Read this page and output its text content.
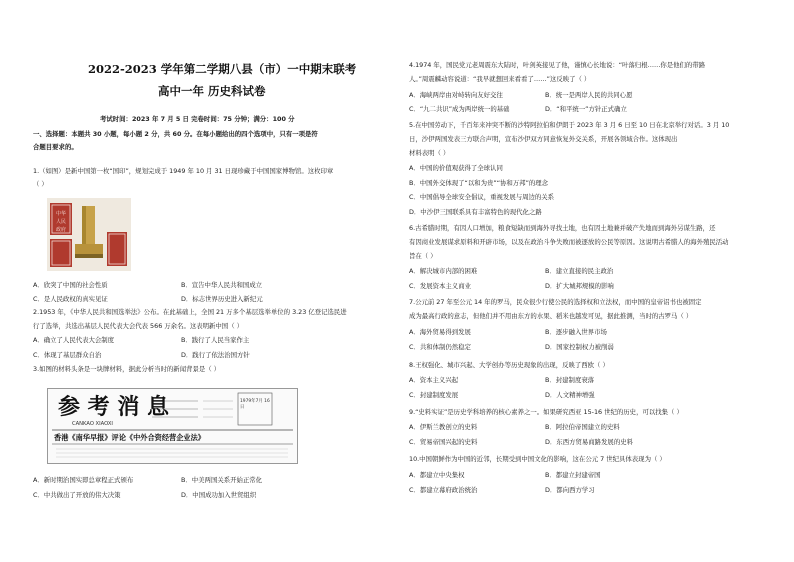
2022-2023 学年第二学期八县（市）一中期末联考
高中一年 历史科试卷
考试时间：2023 年 7 月 5 日 完卷时间：75 分钟；满分：100 分
一、选择题：本题共 30 小题，每小题 2 分，共 60 分。在每小题给出的四个选项中，只有一项是符
合题目要求的。
1.（如图）是新中国第一枚“国印”，规划完成于 1949 年 10 月 31 日现珍藏于中国国家博物馆。这枚印章
（ ）
中华
人民
政府
A．欣突了中国的社会性质	B．宣告中华人民共和国成立
C．是人民政权的真实见证	D．标志世界历史进入新纪元
2.1953 年，《中华人民共和国选举法》公布。在此基础上，全国 21 万多个基层选举单位的 3.23 亿登记选民进
行了选举，共选出基层人民代表大会代表 566 万余名。这表明新中国（ ）
A．确立了人民代表大会制度	B．践行了人民当家作主
C．体现了基层群众自治	D．践行了依法治国方针
3.如图的材料头条是一块牌材料，据此分析当时的新闻背景是（ ）
参 考 消 息
CANKAO XIAOXI
1979年7月 16 日
香港《南华早报》评论《中外合资经营企业法》
A．新时期治国实即总章程正式颁布	B．中美两国关系开始正常化
C．中共做出了开放的伟大决策	D．中国成功加入世贸组织
4.1974 年，国民党元老周震东大陆时，叶剑英接见了他，谨慎心长地说：“叶落归根……你是他们的带路
人。”周震麟动容说道：“我早就想回来看看了……”这反映了（ ）
A．海峡两岸由对峙转向友好交往	B．统一是两岸人民的共同心愿
C．“九二共识”成为两岸统一的基础	D．“和平统一”方针正式确立
5.在中国劳动下，千百年来冲突不断的沙特阿拉伯和伊朗于 2023 年 3 月 6 日至 10 日在北京举行对话。3 月 10
日，沙伊两国发表三方联合声明，宣布沙伊双方同意恢复外交关系，开展各领域合作。这体现出
材料表明（ ）
A．中国的价值观获得了全球认同
B．中国外交体现了“以和为贵”“协和万邦”的理念
C．中国倡导全球安全倡议，重视发展与周边的关系
D．中沙伊三国联系具有丰富特色的现代化之路
6.古希腊时期，有因人口增加，粮食短缺而到海外寻找土地，也有因土地兼并破产失地而到海外另谋生路，还
有因商业发展谋求原料和开辟市场，以及在政治斗争失败而被逐放的公民等原因。这说明古希腊人的海外殖民活动
旨在（ ）
A．解决城市内部的困难	B．建立直接的民主政治
C．发展资本主义商业	D．扩大城邦规模的影响
7.公元前 27 年至公元 14 年的罗马，民众很少行使公民的选择权和立法权，而中国的皇帝诏书也被固定
成为最高行政的意志，但他们并不用由东方的水果、稻米也越发可见，据此推测，当时的古罗马（ ）
A．海外贸易得到发展	B．逐步融入世界市场
C．共和体制仍然稳定	D．国家控制权力被削弱
8.王权强化、城市兴起、大学创办等历史现象的出现，反映了西欧（ ）
A．资本主义兴起	B．封建制度衰落
C．封建制度发展	D．人文精神增强
9.“史料实证”是历史学科培养的核心素养之一。如果研究西亚 15-16 世纪的历史，可以找集（ ）
A．伊斯兰教创立的史料	B．阿拉伯帝国建立的史料
C．贸易帝国兴起的史料	D．东西方贸易商路发展的史料
10.中国朝鲜作为中国的近邻，长期受到中国文化的影响，这在公元 7 世纪具体表现为（ ）
A．都建立中央集权	B．都建立封建帝国
C．都建立幕府政治统治	D．都向西方学习
